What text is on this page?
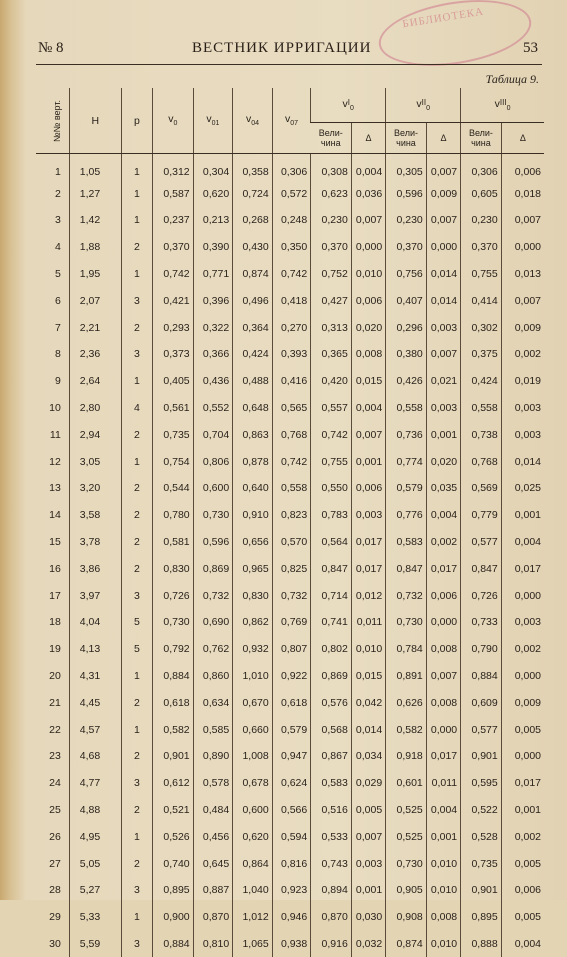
БИБЛИОТЕКА
№ 8	ВЕСТНИК ИРРИГАЦИИ	53
Таблица 9.
№№ верт.	H	p	$v_0$	$v_{01}$	$v_{04}$	$v_{07}$	$v^I_0$		$v^{II}_0$		$v^{III}_0$
							Вели-чина	Δ	Вели-чина	Δ	Вели-чина	Δ
1	1,05	1	0,312	0,304	0,358	0,306	0,308	0,004	0,305	0,007	0,306	0,006
2	1,27	1	0,587	0,620	0,724	0,572	0,623	0,036	0,596	0,009	0,605	0,018
3	1,42	1	0,237	0,213	0,268	0,248	0,230	0,007	0,230	0,007	0,230	0,007
4	1,88	2	0,370	0,390	0,430	0,350	0,370	0,000	0,370	0,000	0,370	0,000
5	1,95	1	0,742	0,771	0,874	0,742	0,752	0,010	0,756	0,014	0,755	0,013
6	2,07	3	0,421	0,396	0,496	0,418	0,427	0,006	0,407	0,014	0,414	0,007
7	2,21	2	0,293	0,322	0,364	0,270	0,313	0,020	0,296	0,003	0,302	0,009
8	2,36	3	0,373	0,366	0,424	0,393	0,365	0,008	0,380	0,007	0,375	0,002
9	2,64	1	0,405	0,436	0,488	0,416	0,420	0,015	0,426	0,021	0,424	0,019
10	2,80	4	0,561	0,552	0,648	0,565	0,557	0,004	0,558	0,003	0,558	0,003
11	2,94	2	0,735	0,704	0,863	0,768	0,742	0,007	0,736	0,001	0,738	0,003
12	3,05	1	0,754	0,806	0,878	0,742	0,755	0,001	0,774	0,020	0,768	0,014
13	3,20	2	0,544	0,600	0,640	0,558	0,550	0,006	0,579	0,035	0,569	0,025
14	3,58	2	0,780	0,730	0,910	0,823	0,783	0,003	0,776	0,004	0,779	0,001
15	3,78	2	0,581	0,596	0,656	0,570	0,564	0,017	0,583	0,002	0,577	0,004
16	3,86	2	0,830	0,869	0,965	0,825	0,847	0,017	0,847	0,017	0,847	0,017
17	3,97	3	0,726	0,732	0,830	0,732	0,714	0,012	0,732	0,006	0,726	0,000
18	4,04	5	0,730	0,690	0,862	0,769	0,741	0,011	0,730	0,000	0,733	0,003
19	4,13	5	0,792	0,762	0,932	0,807	0,802	0,010	0,784	0,008	0,790	0,002
20	4,31	1	0,884	0,860	1,010	0,922	0,869	0,015	0,891	0,007	0,884	0,000
21	4,45	2	0,618	0,634	0,670	0,618	0,576	0,042	0,626	0,008	0,609	0,009
22	4,57	1	0,582	0,585	0,660	0,579	0,568	0,014	0,582	0,000	0,577	0,005
23	4,68	2	0,901	0,890	1,008	0,947	0,867	0,034	0,918	0,017	0,901	0,000
24	4,77	3	0,612	0,578	0,678	0,624	0,583	0,029	0,601	0,011	0,595	0,017
25	4,88	2	0,521	0,484	0,600	0,566	0,516	0,005	0,525	0,004	0,522	0,001
26	4,95	1	0,526	0,456	0,620	0,594	0,533	0,007	0,525	0,001	0,528	0,002
27	5,05	2	0,740	0,645	0,864	0,816	0,743	0,003	0,730	0,010	0,735	0,005
28	5,27	3	0,895	0,887	1,040	0,923	0,894	0,001	0,905	0,010	0,901	0,006
29	5,33	1	0,900	0,870	1,012	0,946	0,870	0,030	0,908	0,008	0,895	0,005
30	5,59	3	0,884	0,810	1,065	0,938	0,916	0,032	0,874	0,010	0,888	0,004
